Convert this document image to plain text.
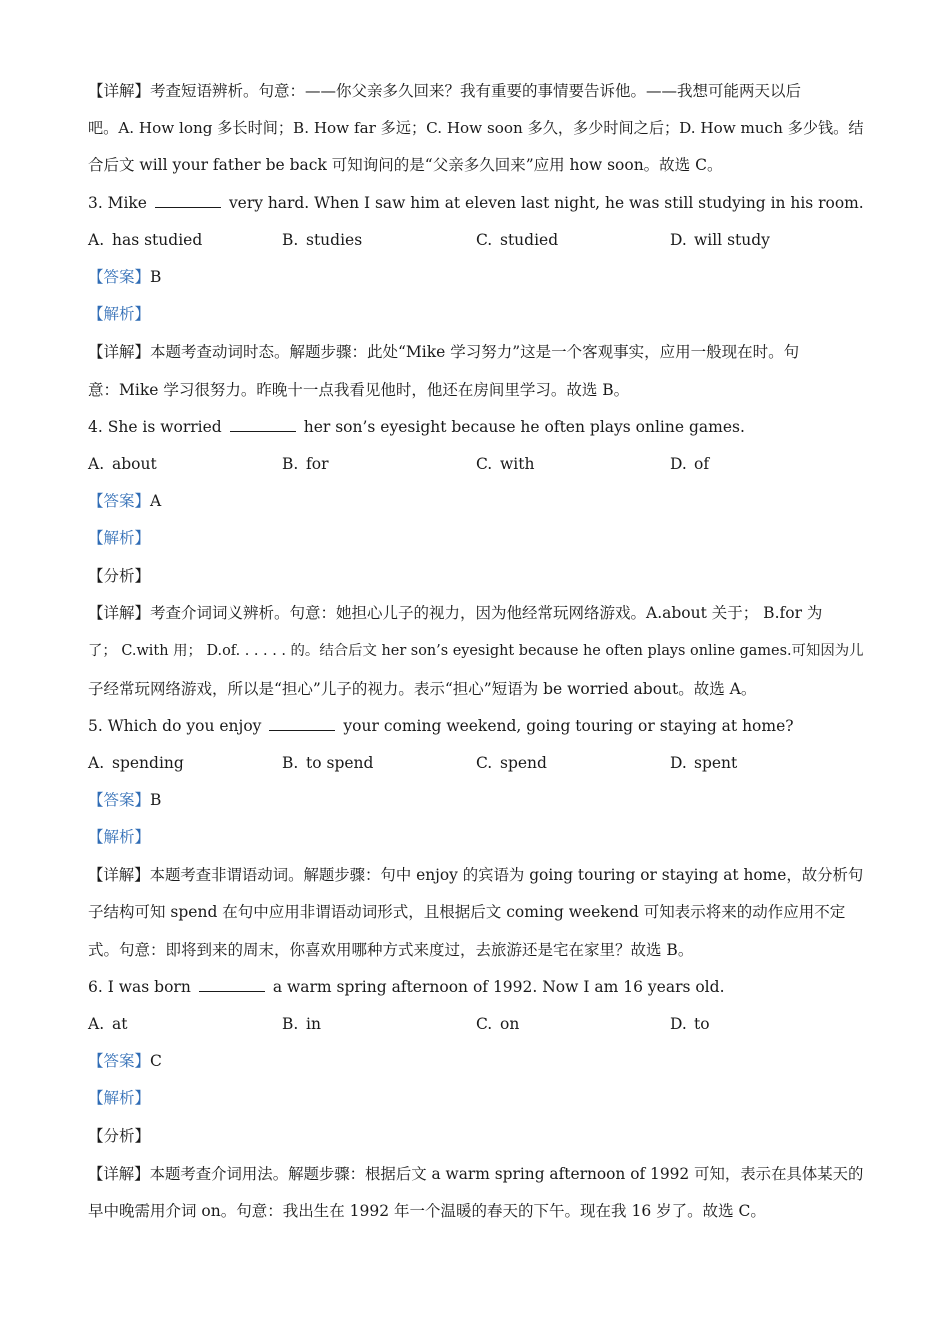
【详解】考查短语辨析。句意：——你父亲多久回来？我有重要的事情要告诉他。——我想可能两天以后
吧。A. How long 多长时间；B. How far 多远；C. How soon 多久，多少时间之后；D. How much 多少钱。结
合后文 will your father be back 可知询问的是“父亲多久回来”应用 how soon。故选 C。
3. Mike	very hard. When I saw him at eleven last night, he was still studying in his room.
A. has studied	B. studies	C. studied	D. will study
【答案】B
【解析】
【详解】本题考查动词时态。解题步骤：此处“Mike 学习努力”这是一个客观事实，应用一般现在时。句
意：Mike 学习很努力。昨晚十一点我看见他时，他还在房间里学习。故选 B。
4. She is worried	her son’s eyesight because he often plays online games.
A. about	B. for	C. with	D. of
【答案】A
【解析】
【分析】
【详解】考查介词词义辨析。句意：她担心儿子的视力，因为他经常玩网络游戏。A.about 关于； B.for 为
了； C.with 用； D.of. . . . . . 的。结合后文 her son’s eyesight because he often plays online games.可知因为儿
子经常玩网络游戏，所以是“担心”儿子的视力。表示“担心”短语为 be worried about。故选 A。
5. Which do you enjoy	your coming weekend, going touring or staying at home?
A. spending	B. to spend	C. spend	D. spent
【答案】B
【解析】
【详解】本题考查非谓语动词。解题步骤：句中 enjoy 的宾语为 going touring or staying at home，故分析句
子结构可知 spend 在句中应用非谓语动词形式，且根据后文 coming weekend 可知表示将来的动作应用不定
式。句意：即将到来的周末，你喜欢用哪种方式来度过，去旅游还是宅在家里？故选 B。
6. I was born	a warm spring afternoon of 1992. Now I am 16 years old.
A. at	B. in	C. on	D. to
【答案】C
【解析】
【分析】
【详解】本题考查介词用法。解题步骤：根据后文 a warm spring afternoon of 1992 可知，表示在具体某天的
早中晚需用介词 on。句意：我出生在 1992 年一个温暖的春天的下午。现在我 16 岁了。故选 C。
